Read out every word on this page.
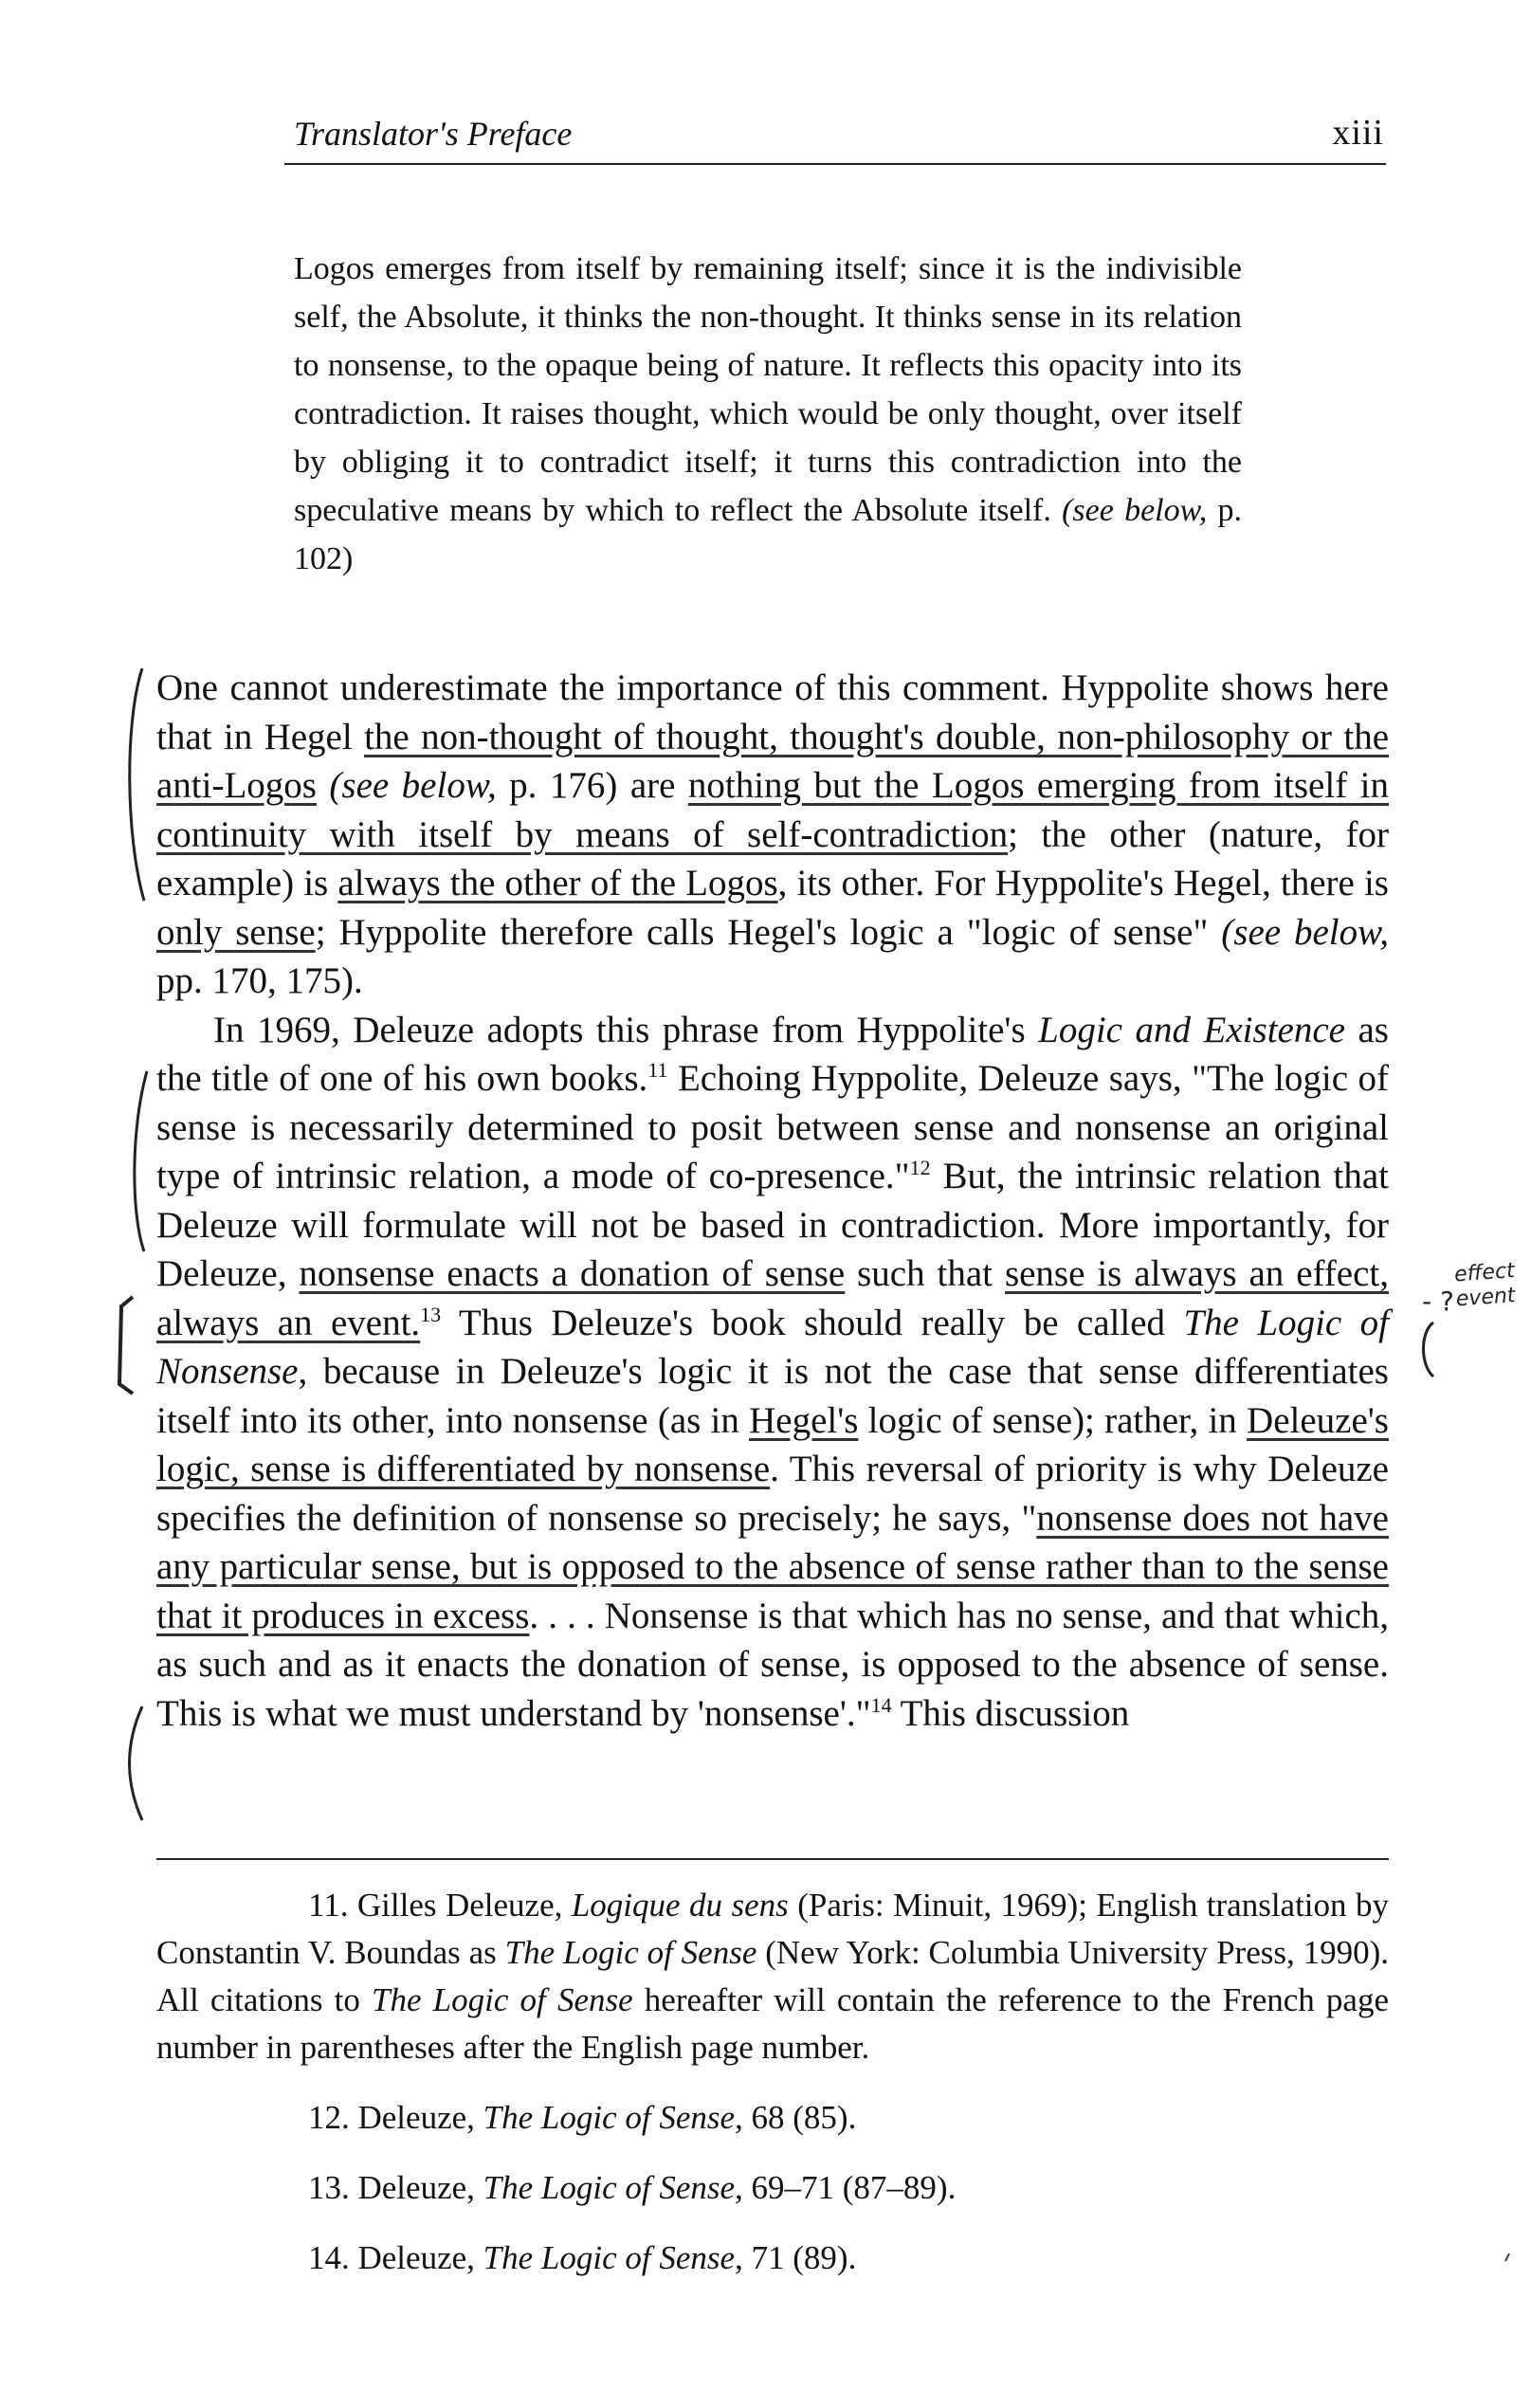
Translator's Preface	xiii
Logos emerges from itself by remaining itself; since it is the indivisible self, the Absolute, it thinks the non-thought. It thinks sense in its relation to nonsense, to the opaque being of nature. It reflects this opacity into its contradiction. It raises thought, which would be only thought, over itself by obliging it to contradict itself; it turns this contradiction into the speculative means by which to reflect the Absolute itself. (see below, p. 102)

One cannot underestimate the importance of this comment. Hyppolite shows here that in Hegel the non-thought of thought, thought's double, non-philosophy or the anti-Logos (see below, p. 176) are nothing but the Logos emerging from itself in continuity with itself by means of self-contradiction; the other (nature, for example) is always the other of the Logos, its other. For Hyppolite's Hegel, there is only sense; Hyppolite therefore calls Hegel's logic a "logic of sense" (see below, pp. 170, 175).

In 1969, Deleuze adopts this phrase from Hyppolite's Logic and Existence as the title of one of his own books.$^{11}$ Echoing Hyppolite, Deleuze says, "The logic of sense is necessarily determined to posit between sense and nonsense an original type of intrinsic relation, a mode of co-presence."$^{12}$ But, the intrinsic relation that Deleuze will formulate will not be based in contradiction. More importantly, for Deleuze, nonsense enacts a donation of sense such that sense is always an effect, always an event.$^{13}$ Thus Deleuze's book should really be called The Logic of Nonsense, because in Deleuze's logic it is not the case that sense differentiates itself into its other, into nonsense (as in Hegel's logic of sense); rather, in Deleuze's logic, sense is differentiated by nonsense. This reversal of priority is why Deleuze specifies the definition of nonsense so precisely; he says, "nonsense does not have any particular sense, but is opposed to the absence of sense rather than to the sense that it produces in excess. . . . Nonsense is that which has no sense, and that which, as such and as it enacts the donation of sense, is opposed to the absence of sense. This is what we must understand by 'nonsense'."$^{14}$ This discussion

11. Gilles Deleuze, Logique du sens (Paris: Minuit, 1969); English translation by Constantin V. Boundas as The Logic of Sense (New York: Columbia University Press, 1990). All citations to The Logic of Sense hereafter will contain the reference to the French page number in parentheses after the English page number.

12. Deleuze, The Logic of Sense, 68 (85).

13. Deleuze, The Logic of Sense, 69–71 (87–89).

14. Deleuze, The Logic of Sense, 71 (89).

- ?
effect
event
